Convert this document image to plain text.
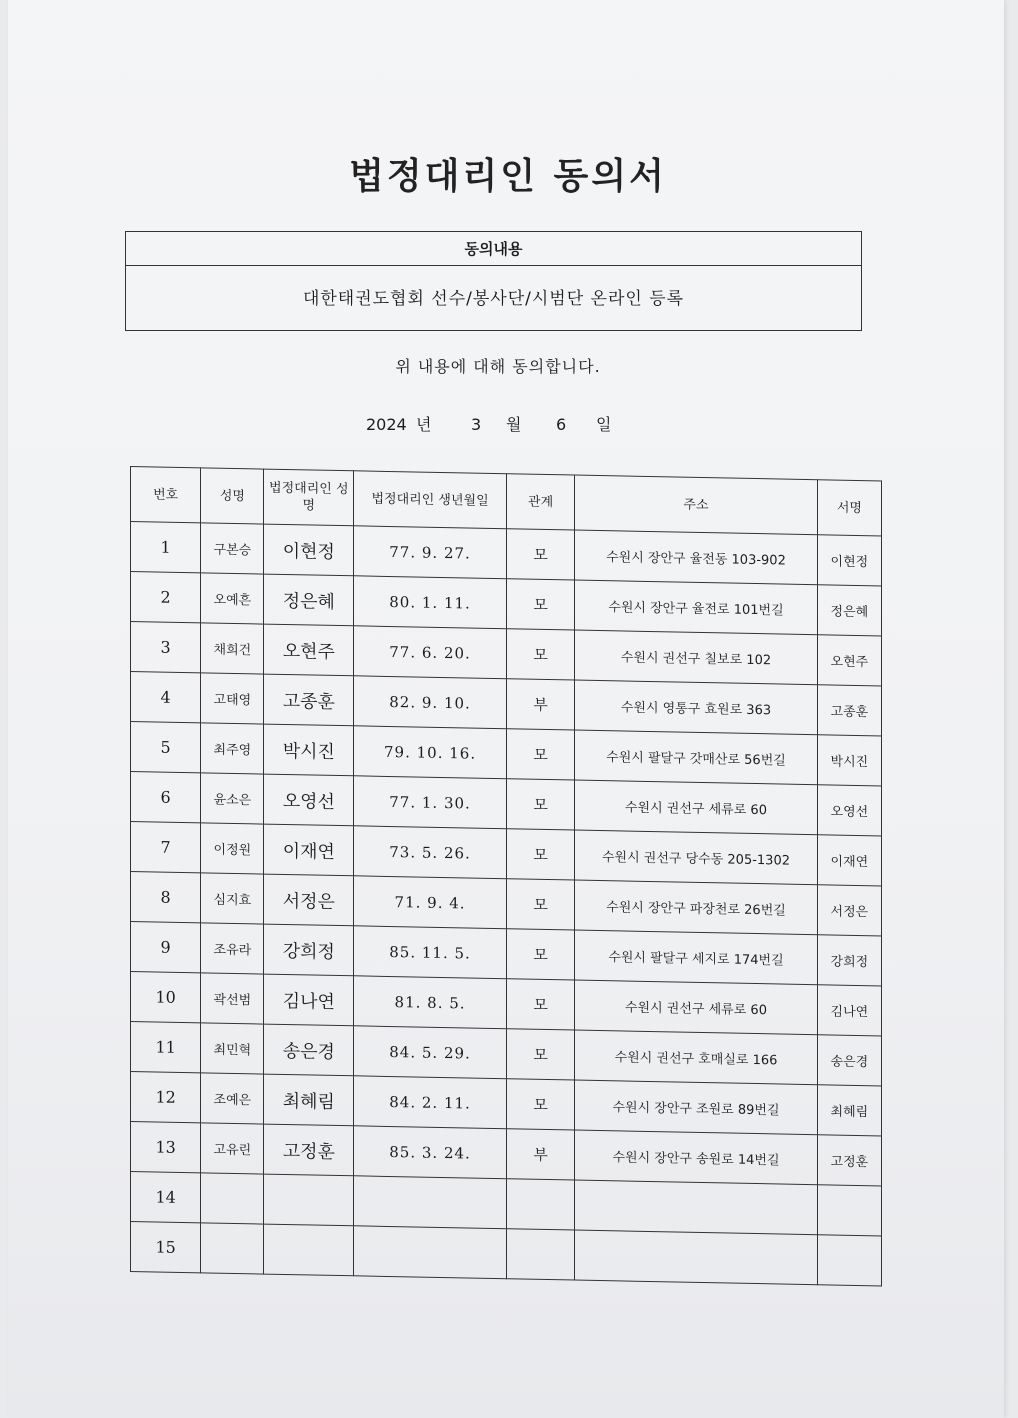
법정대리인 동의서
동의내용
대한태권도협회 선수/봉사단/시범단 온라인 등록
위 내용에 대해 동의합니다.
2024 년 3 월 6 일
번호	성명	법정대리인 성명	법정대리인 생년월일	관계	주소	서명
1	구본승	이현정	77. 9. 27.	모	수원시 장안구 율전동 103-902	이현정
2	오예흔	정은혜	80. 1. 11.	모	수원시 장안구 율전로 101번길	정은혜
3	채희건	오현주	77. 6. 20.	모	수원시 권선구 칠보로 102	오현주
4	고태영	고종훈	82. 9. 10.	부	수원시 영통구 효원로 363	고종훈
5	최주영	박시진	79. 10. 16.	모	수원시 팔달구 갓매산로 56번길	박시진
6	윤소은	오영선	77. 1. 30.	모	수원시 권선구 세류로 60	오영선
7	이정원	이재연	73. 5. 26.	모	수원시 권선구 당수동 205-1302	이재연
8	심지효	서정은	71. 9. 4.	모	수원시 장안구 파장천로 26번길	서정은
9	조유라	강희정	85. 11. 5.	모	수원시 팔달구 세지로 174번길	강희정
10	곽선범	김나연	81. 8. 5.	모	수원시 권선구 세류로 60	김나연
11	최민혁	송은경	84. 5. 29.	모	수원시 권선구 호매실로 166	송은경
12	조예은	최혜림	84. 2. 11.	모	수원시 장안구 조원로 89번길	최혜림
13	고유린	고정훈	85. 3. 24.	부	수원시 장안구 송원로 14번길	고정훈
14						
15						
